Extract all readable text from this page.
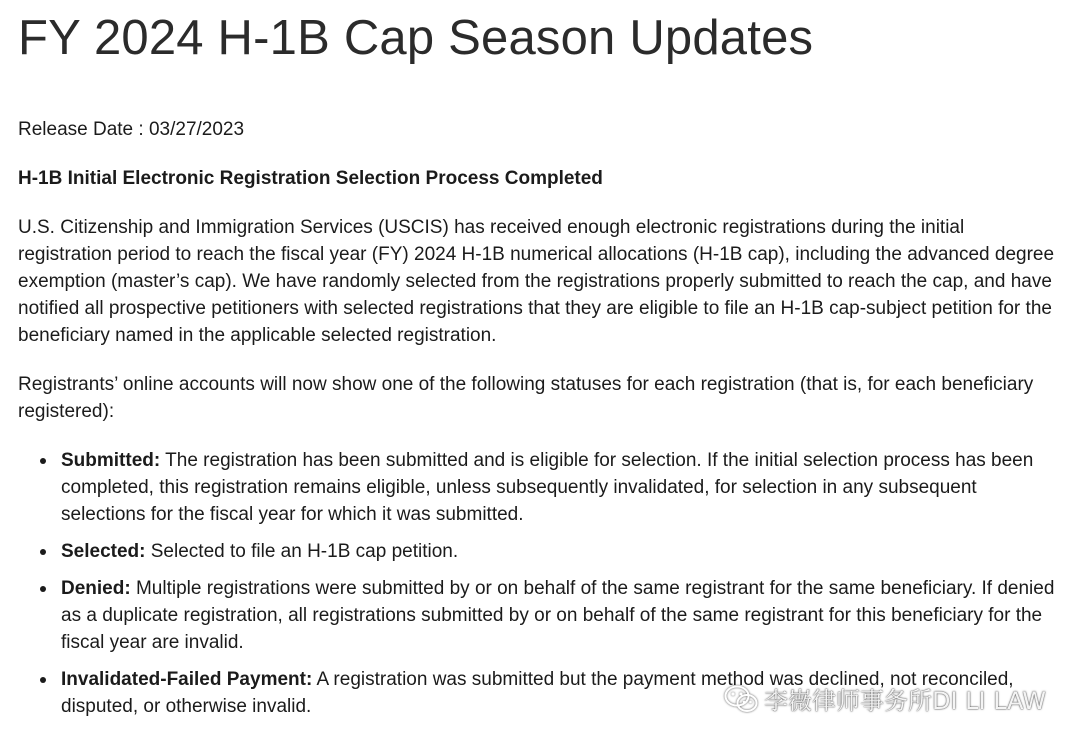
FY 2024 H-1B Cap Season Updates
Release Date : 03/27/2023
H-1B Initial Electronic Registration Selection Process Completed

U.S. Citizenship and Immigration Services (USCIS) has received enough electronic registrations during the initial registration period to reach the fiscal year (FY) 2024 H-1B numerical allocations (H-1B cap), including the advanced degree exemption (master’s cap). We have randomly selected from the registrations properly submitted to reach the cap, and have notified all prospective petitioners with selected registrations that they are eligible to file an H-1B cap-subject petition for the beneficiary named in the applicable selected registration.

Registrants’ online accounts will now show one of the following statuses for each registration (that is, for each beneficiary registered):

Submitted: The registration has been submitted and is eligible for selection. If the initial selection process has been completed, this registration remains eligible, unless subsequently invalidated, for selection in any subsequent selections for the fiscal year for which it was submitted.
Selected: Selected to file an H-1B cap petition.
Denied: Multiple registrations were submitted by or on behalf of the same registrant for the same beneficiary. If denied as a duplicate registration, all registrations submitted by or on behalf of the same registrant for this beneficiary for the fiscal year are invalid.
Invalidated-Failed Payment: A registration was submitted but the payment method was declined, not reconciled, disputed, or otherwise invalid.	李嶶律师事务所DI LI LAW
